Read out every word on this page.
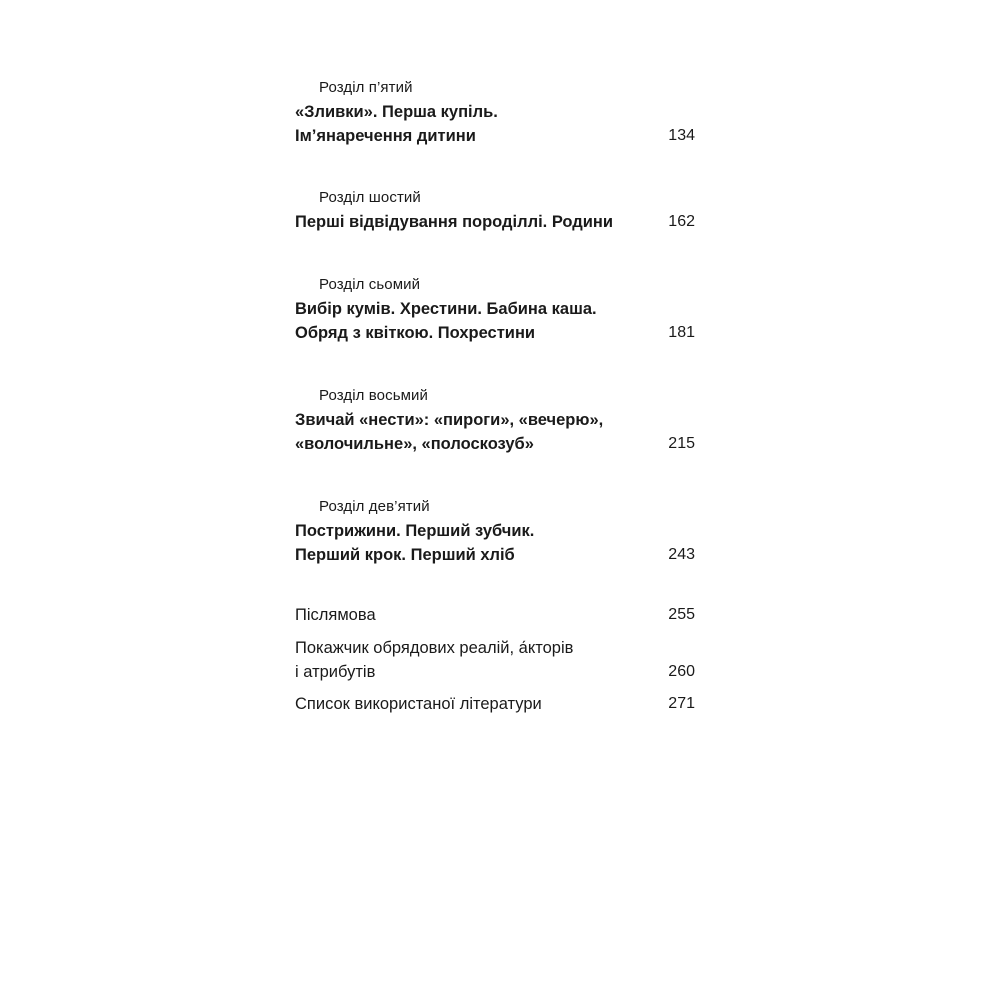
Розділ п’ятий
«Зливки». Перша купіль.
Ім’янаречення дитини	134
Розділ шостий
Перші відвідування породіллі. Родини	162
Розділ сьомий
Вибір кумів. Хрестини. Бабина каша.
Обряд з квіткою. Похрестини	181
Розділ восьмий
Звичай «нести»: «пироги», «вечерю»,
«волочильне», «полоскозуб»	215
Розділ дев’ятий
Пострижини. Перший зубчик.
Перший крок. Перший хліб	243
Післямова	255
Покажчик обрядових реалій, а́кторів
і атрибутів	260
Список використаної літератури	271
